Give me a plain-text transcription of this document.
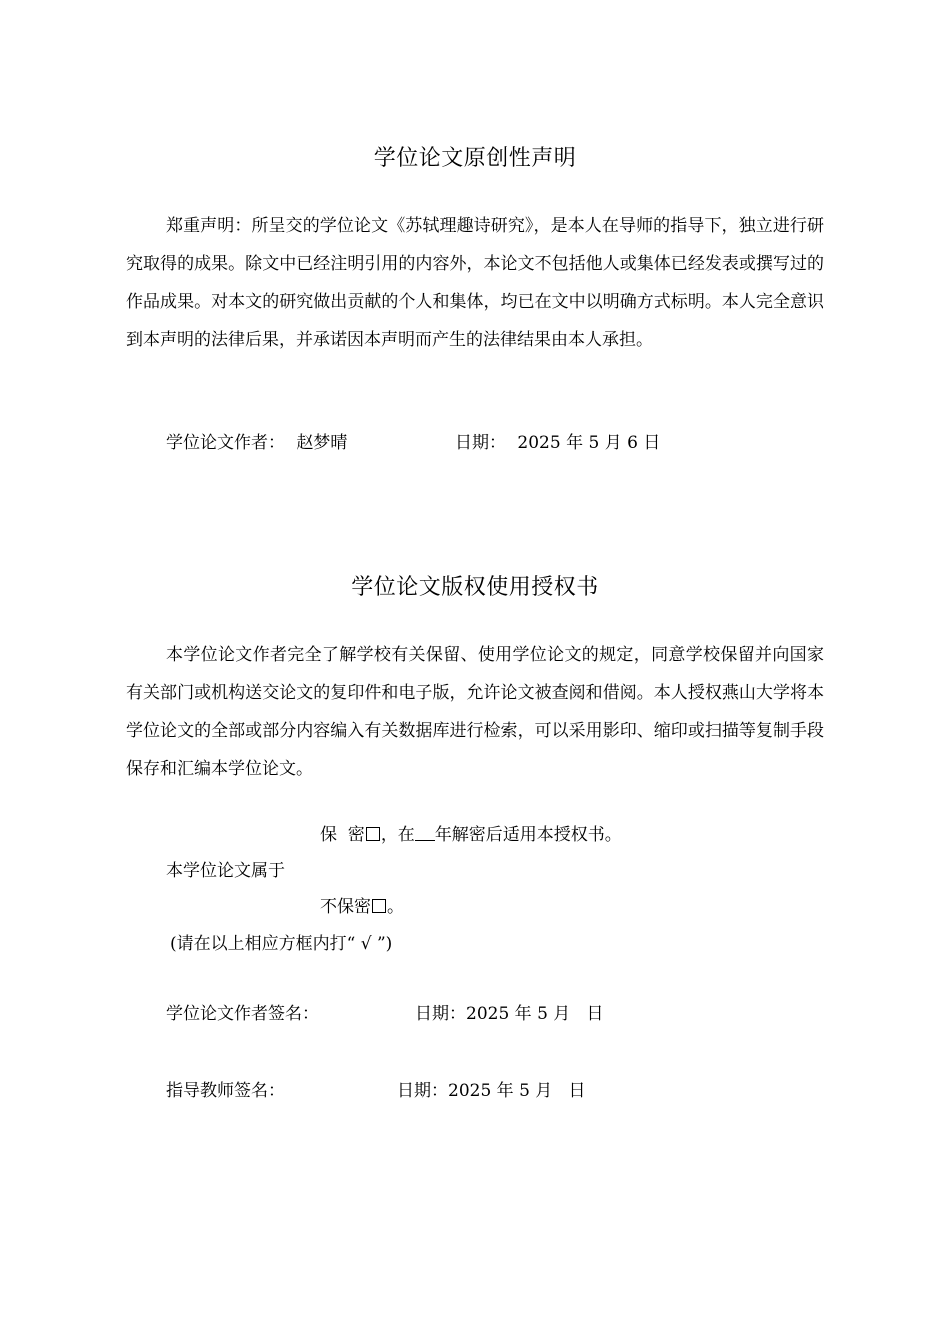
学位论文原创性声明

郑重声明：所呈交的学位论文《苏轼理趣诗研究》，是本人在导师的指导下，独立进行研究取得的成果。除文中已经注明引用的内容外，本论文不包括他人或集体已经发表或撰写过的作品成果。对本文的研究做出贡献的个人和集体，均已在文中以明确方式标明。本人完全意识到本声明的法律后果，并承诺因本声明而产生的法律结果由本人承担。

学位论文作者： 赵梦晴	日期： 2025 年 5 月 6 日
学位论文版权使用授权书

本学位论文作者完全了解学校有关保留、使用学位论文的规定，同意学校保留并向国家有关部门或机构送交论文的复印件和电子版，允许论文被查阅和借阅。本人授权燕山大学将本学位论文的全部或部分内容编入有关数据库进行检索，可以采用影印、缩印或扫描等复制手段保存和汇编本学位论文。

保  密 ，在 年解密后适用本授权书。
本学位论文属于
不保密 。
(请在以上相应方框内打“ √ ”)
学位论文作者签名：	日期：2025 年 5 月   日
指导教师签名：	日期：2025 年 5 月   日
